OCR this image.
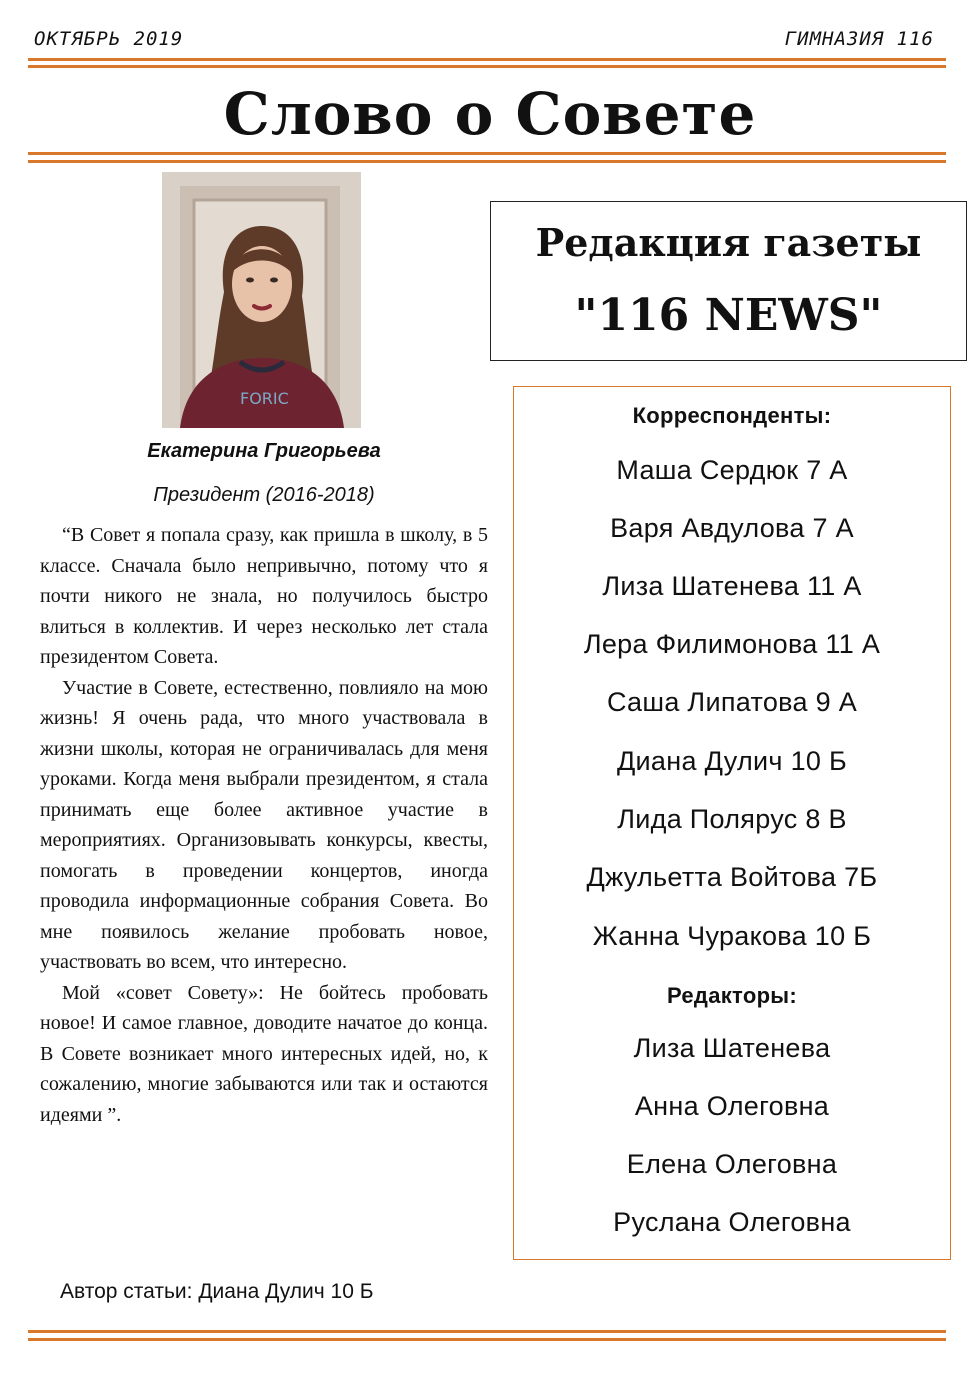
ОКТЯБРЬ 2019	ГИМНАЗИЯ 116
Слово о Совете
FORIC
Екатерина Григорьева
Президент (2016-2018)

“В Совет я попала сразу, как пришла в школу, в 5 классе. Сначала было непривычно, потому что я почти никого не знала, но получилось быстро влиться в коллектив. И через несколько лет стала президентом Совета.

Участие в Совете, естественно, повлияло на мою жизнь! Я очень рада, что много участвовала в жизни школы, которая не ограничивалась для меня уроками. Когда меня выбрали президентом, я стала принимать еще более активное участие в мероприятиях. Организовывать конкурсы, квесты, помогать в проведении концертов, иногда проводила информационные собрания Совета. Во мне появилось желание пробовать новое, участвовать во всем, что интересно.

Мой «совет Совету»: Не бойтесь пробовать новое! И самое главное, доводите начатое до конца. В Совете возникает много интересных идей, но, к сожалению, многие забываются или так и остаются идеями ”.

Автор статьи: Диана Дулич 10 Б
Редакция газеты
"116 NEWS"
Корреспонденты:
Маша Сердюк 7 А
Варя Авдулова 7 А
Лиза Шатенева 11 А
Лера Филимонова 11 А
Саша Липатова 9 А
Диана Дулич 10 Б
Лида Полярус 8 В
Джульетта Войтова 7Б
Жанна Чуракова 10 Б
Редакторы:
Лиза Шатенева
Анна Олеговна
Елена Олеговна
Руслана Олеговна
